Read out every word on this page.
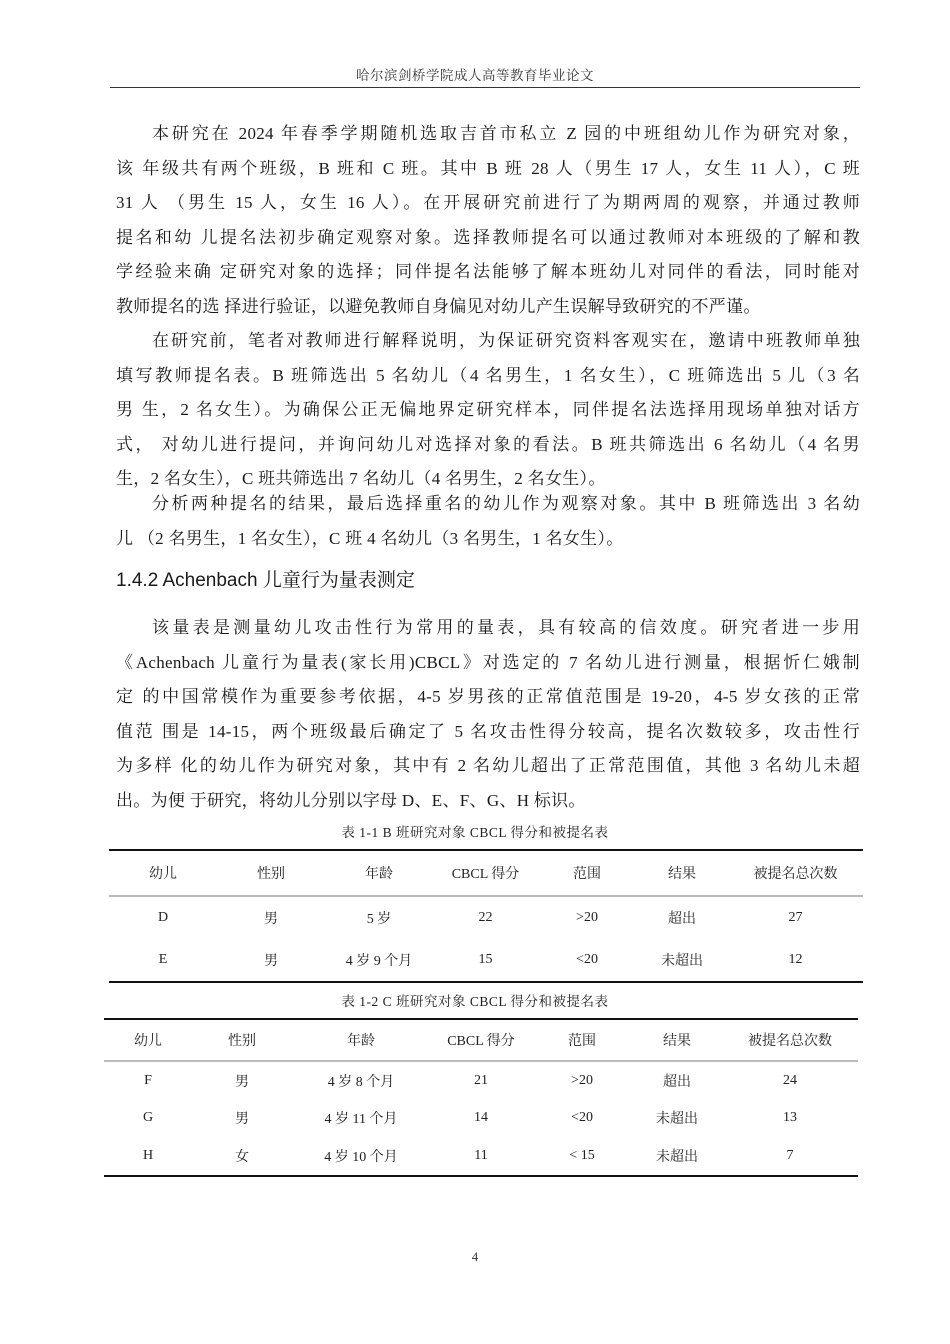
哈尔滨剑桥学院成人高等教育毕业论文

本研究在 2024 年春季学期随机选取吉首市私立 Z 园的中班组幼儿作为研究对象，
该 年级共有两个班级，B 班和 C 班。其中 B 班 28 人（男生 17 人，女生 11 人），C 班
31 人 （男生 15 人，女生 16 人）。在开展研究前进行了为期两周的观察，并通过教师
提名和幼 儿提名法初步确定观察对象。选择教师提名可以通过教师对本班级的了解和教
学经验来确 定研究对象的选择；同伴提名法能够了解本班幼儿对同伴的看法，同时能对
教师提名的选 择进行验证，以避免教师自身偏见对幼儿产生误解导致研究的不严谨。

在研究前，笔者对教师进行解释说明，为保证研究资料客观实在，邀请中班教师单独
填写教师提名表。B 班筛选出 5 名幼儿（4 名男生，1 名女生），C 班筛选出 5 儿（3 名
男 生，2 名女生）。为确保公正无偏地界定研究样本，同伴提名法选择用现场单独对话方
式， 对幼儿进行提问，并询问幼儿对选择对象的看法。B 班共筛选出 6 名幼儿（4 名男
生，2 名女生），C 班共筛选出 7 名幼儿（4 名男生，2 名女生）。

分析两种提名的结果，最后选择重名的幼儿作为观察对象。其中 B 班筛选出 3 名幼
儿 （2 名男生，1 名女生），C 班 4 名幼儿（3 名男生，1 名女生）。

1.4.2 Achenbach 儿童行为量表测定

该量表是测量幼儿攻击性行为常用的量表，具有较高的信效度。研究者进一步用
《Achenbach 儿童行为量表(家长用)CBCL》对选定的 7 名幼儿进行测量，根据忻仁娥制
定 的中国常模作为重要参考依据，4-5 岁男孩的正常值范围是 19-20，4-5 岁女孩的正常
值范 围是 14-15，两个班级最后确定了 5 名攻击性得分较高，提名次数较多，攻击性行
为多样 化的幼儿作为研究对象，其中有 2 名幼儿超出了正常范围值，其他 3 名幼儿未超
出。为便 于研究，将幼儿分别以字母 D、E、F、G、H 标识。

表 1-1 B 班研究对象 CBCL 得分和被提名表
幼儿	性别	年龄	CBCL 得分	范围	结果	被提名总次数
D	男	5 岁	22	>20	超出	27
E	男	4 岁 9 个月	15	<20	未超出	12
表 1-2 C 班研究对象 CBCL 得分和被提名表
幼儿	性别	年龄	CBCL 得分	范围	结果	被提名总次数
F	男	4 岁 8 个月	21	>20	超出	24
G	男	4 岁 11 个月	14	<20	未超出	13
H	女	4 岁 10 个月	11	< 15	未超出	7
4
